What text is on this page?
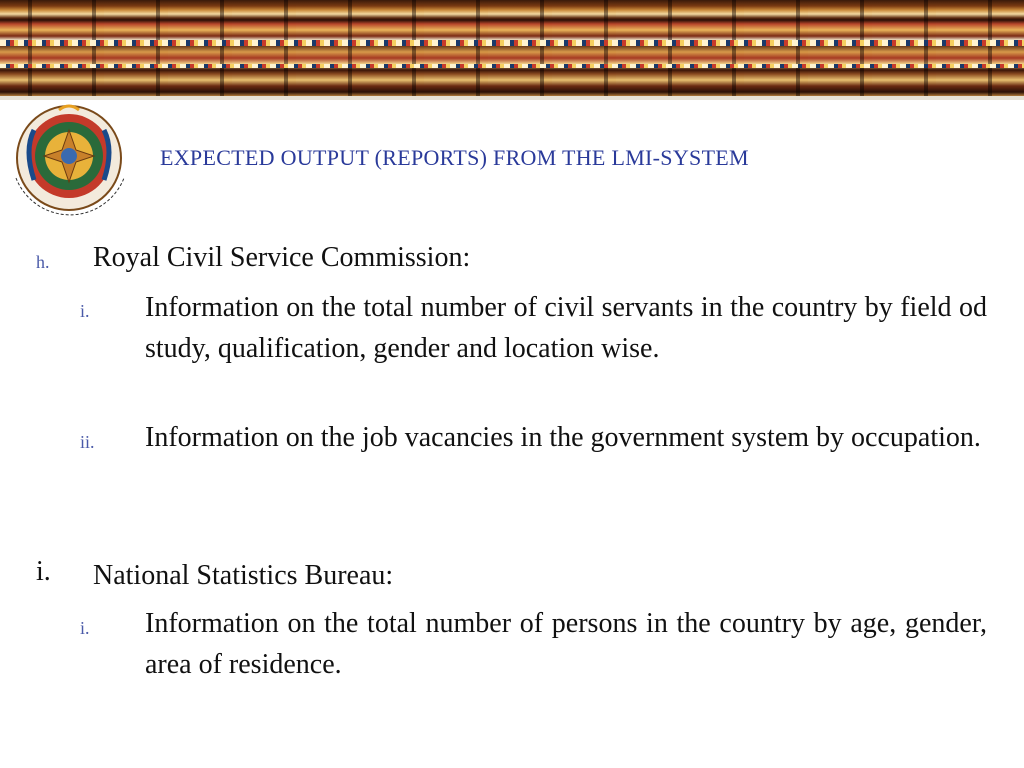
EXPECTED OUTPUT (REPORTS) FROM THE LMI-SYSTEM
h. Royal Civil Service Commission:
i. Information on the total number of civil servants in the country by field od study, qualification, gender and location wise.
ii. Information on the job vacancies in the government system by occupation.
i. National Statistics Bureau:
i. Information on the total number of persons in the country by age, gender, area of residence.
